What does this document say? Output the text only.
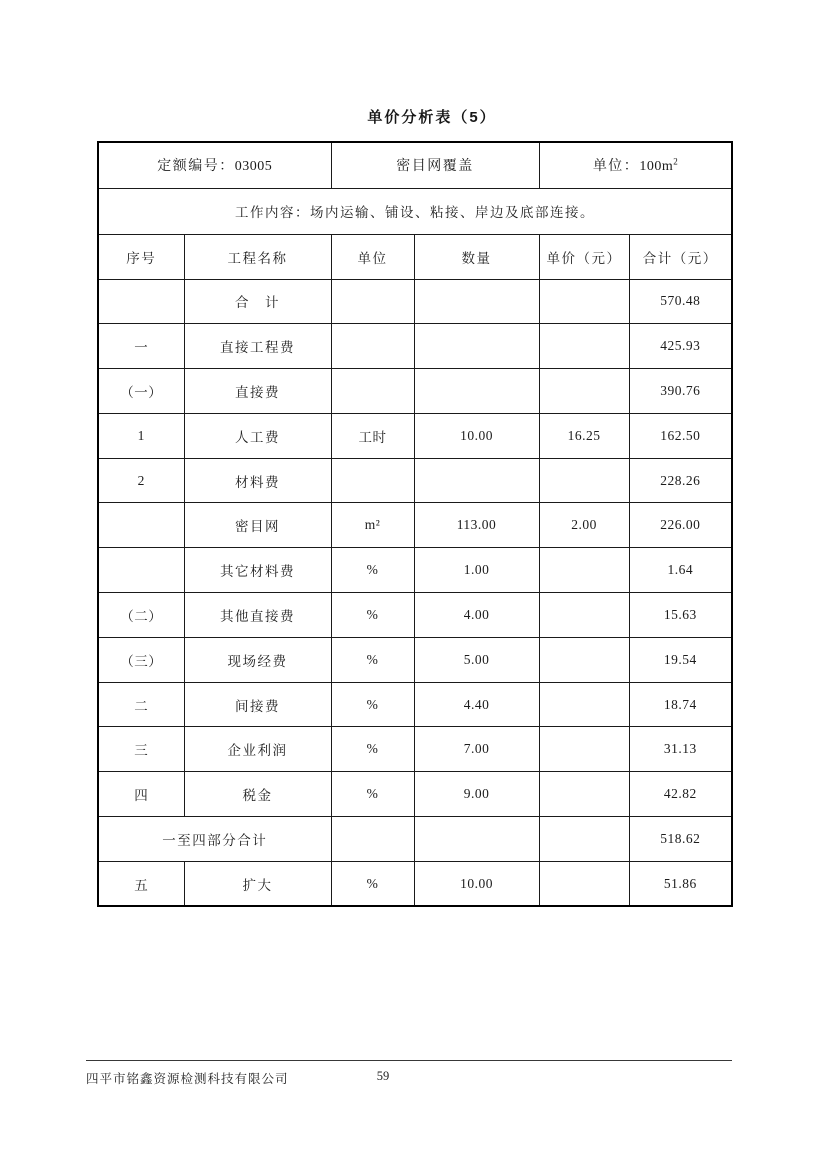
单价分析表（5）
定额编号：03005		密目网覆盖		单位：$100m^2$
工作内容：场内运输、铺设、粘接、岸边及底部连接。					
序号	工程名称	单位	数量	单价（元）	合计（元）
	合　计				570.48
一	直接工程费				425.93
（一）	直接费				390.76
1	人工费	工时	10.00	16.25	162.50
2	材料费				228.26
	密目网	m²	113.00	2.00	226.00
	其它材料费	%	1.00		1.64
（二）	其他直接费	%	4.00		15.63
（三）	现场经费	%	5.00		19.54
二	间接费	%	4.40		18.74
三	企业利润	%	7.00		31.13
四	税金	%	9.00		42.82
一至四部分合计					518.62
五	扩大	%	10.00		51.86
四平市铭鑫资源检测科技有限公司	59
